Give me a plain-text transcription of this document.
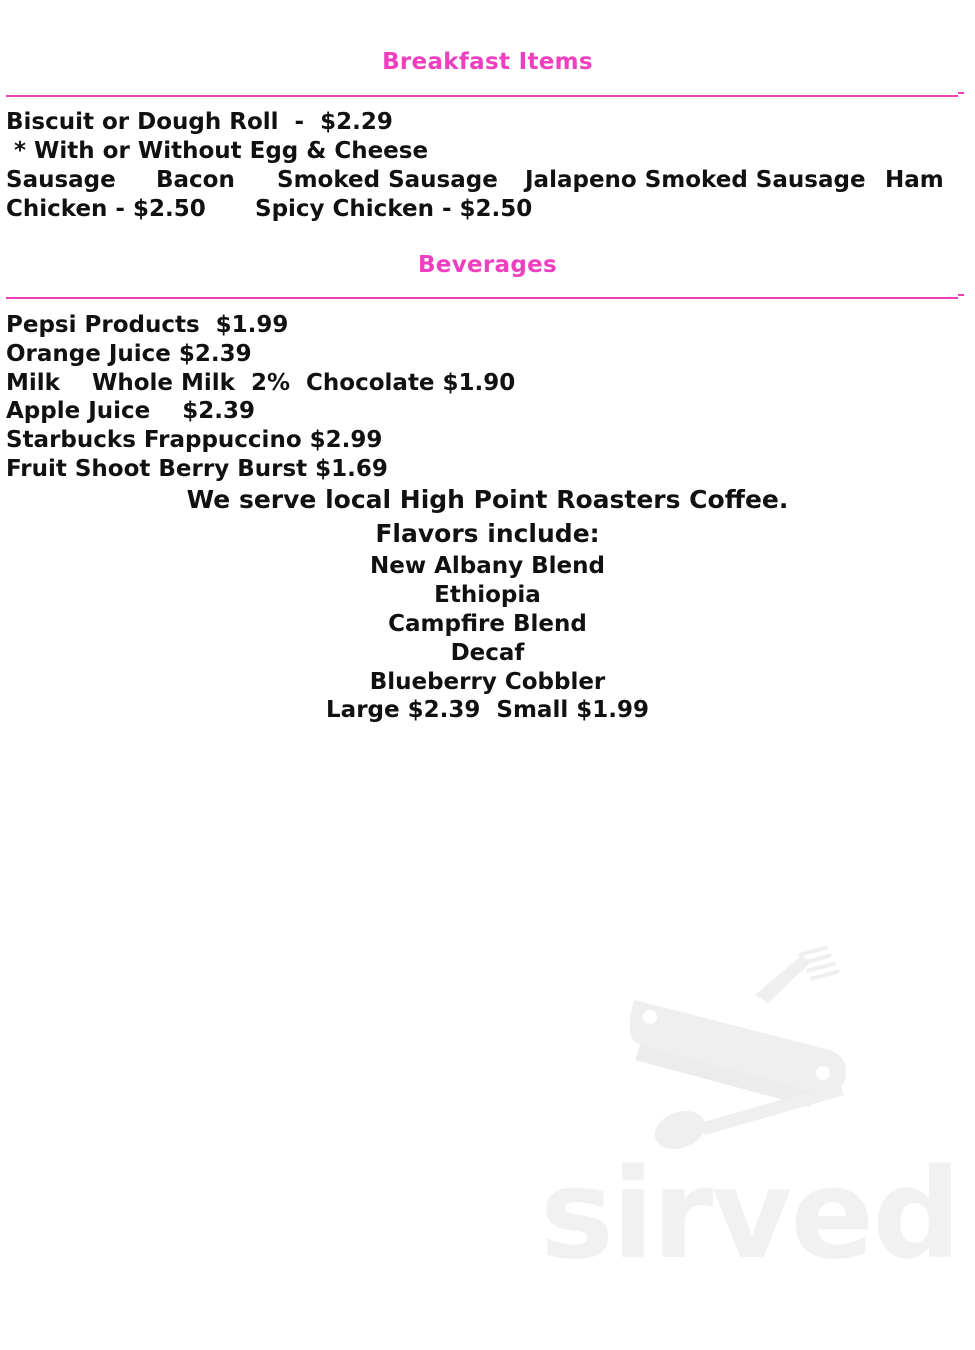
Breakfast Items
Biscuit or Dough Roll  -  $2.29
* With or Without Egg & Cheese
Sausage Bacon Smoked Sausage Jalapeno Smoked Sausage Ham
Chicken - $2.50 Spicy Chicken - $2.50
Beverages
Pepsi Products  $1.99
Orange Juice $2.39
Milk    Whole Milk  2%  Chocolate $1.90
Apple Juice    $2.39
Starbucks Frappuccino $2.99
Fruit Shoot Berry Burst $1.69
We serve local High Point Roasters Coffee.
Flavors include:
New Albany Blend
Ethiopia
Campfire Blend
Decaf
Blueberry Cobbler
Large $2.39  Small $1.99
sirved
